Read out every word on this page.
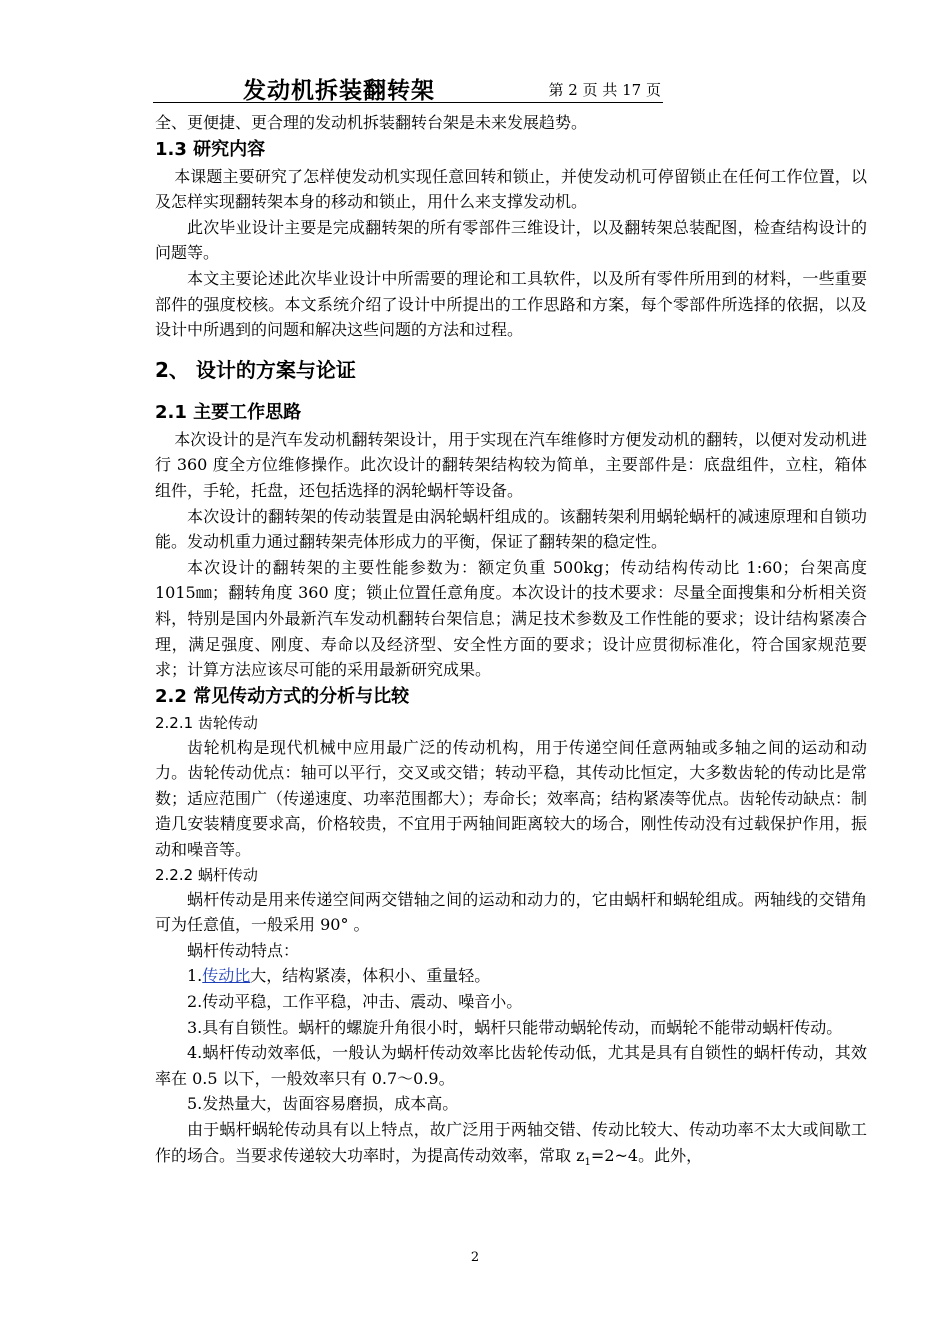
发动机拆装翻转架	第 2 页 共 17 页

全、更便捷、更合理的发动机拆装翻转台架是未来发展趋势。

1.3 研究内容

本课题主要研究了怎样使发动机实现任意回转和锁止，并使发动机可停留锁止在任何工作位置，以及怎样实现翻转架本身的移动和锁止，用什么来支撑发动机。

此次毕业设计主要是完成翻转架的所有零部件三维设计，以及翻转架总装配图，检查结构设计的问题等。

本文主要论述此次毕业设计中所需要的理论和工具软件，以及所有零件所用到的材料，一些重要部件的强度校核。本文系统介绍了设计中所提出的工作思路和方案，每个零部件所选择的依据，以及设计中所遇到的问题和解决这些问题的方法和过程。

2、 设计的方案与论证
2.1 主要工作思路

本次设计的是汽车发动机翻转架设计，用于实现在汽车维修时方便发动机的翻转，以便对发动机进行 360 度全方位维修操作。此次设计的翻转架结构较为简单，主要部件是：底盘组件，立柱，箱体组件，手轮，托盘，还包括选择的涡轮蜗杆等设备。

本次设计的翻转架的传动装置是由涡轮蜗杆组成的。该翻转架利用蜗轮蜗杆的减速原理和自锁功能。发动机重力通过翻转架壳体形成力的平衡，保证了翻转架的稳定性。

本次设计的翻转架的主要性能参数为：额定负重 500kg；传动结构传动比 1:60；台架高度 1015㎜；翻转角度 360 度；锁止位置任意角度。本次设计的技术要求：尽量全面搜集和分析相关资料，特别是国内外最新汽车发动机翻转台架信息；满足技术参数及工作性能的要求；设计结构紧凑合理，满足强度、刚度、寿命以及经济型、安全性方面的要求；设计应贯彻标准化，符合国家规范要求；计算方法应该尽可能的采用最新研究成果。

2.2 常见传动方式的分析与比较
2.2.1 齿轮传动

齿轮机构是现代机械中应用最广泛的传动机构，用于传递空间任意两轴或多轴之间的运动和动力。齿轮传动优点：轴可以平行，交叉或交错；转动平稳，其传动比恒定，大多数齿轮的传动比是常数；适应范围广（传递速度、功率范围都大）；寿命长；效率高；结构紧凑等优点。齿轮传动缺点：制造几安装精度要求高，价格较贵，不宜用于两轴间距离较大的场合，刚性传动没有过载保护作用，振动和噪音等。

2.2.2 蜗杆传动

蜗杆传动是用来传递空间两交错轴之间的运动和动力的，它由蜗杆和蜗轮组成。两轴线的交错角可为任意值，一般采用 90° 。

蜗杆传动特点：

1.传动比大，结构紧凑，体积小、重量轻。

2.传动平稳，工作平稳，冲击、震动、噪音小。

3.具有自锁性。蜗杆的螺旋升角很小时，蜗杆只能带动蜗轮传动，而蜗轮不能带动蜗杆传动。

4.蜗杆传动效率低，一般认为蜗杆传动效率比齿轮传动低，尤其是具有自锁性的蜗杆传动，其效率在 0.5 以下，一般效率只有 0.7～0.9。

5.发热量大，齿面容易磨损，成本高。

由于蜗杆蜗轮传动具有以上特点，故广泛用于两轴交错、传动比较大、传动功率不太大或间歇工作的场合。当要求传递较大功率时，为提高传动效率，常取 $z_1=2\sim 4$。此外，

2
